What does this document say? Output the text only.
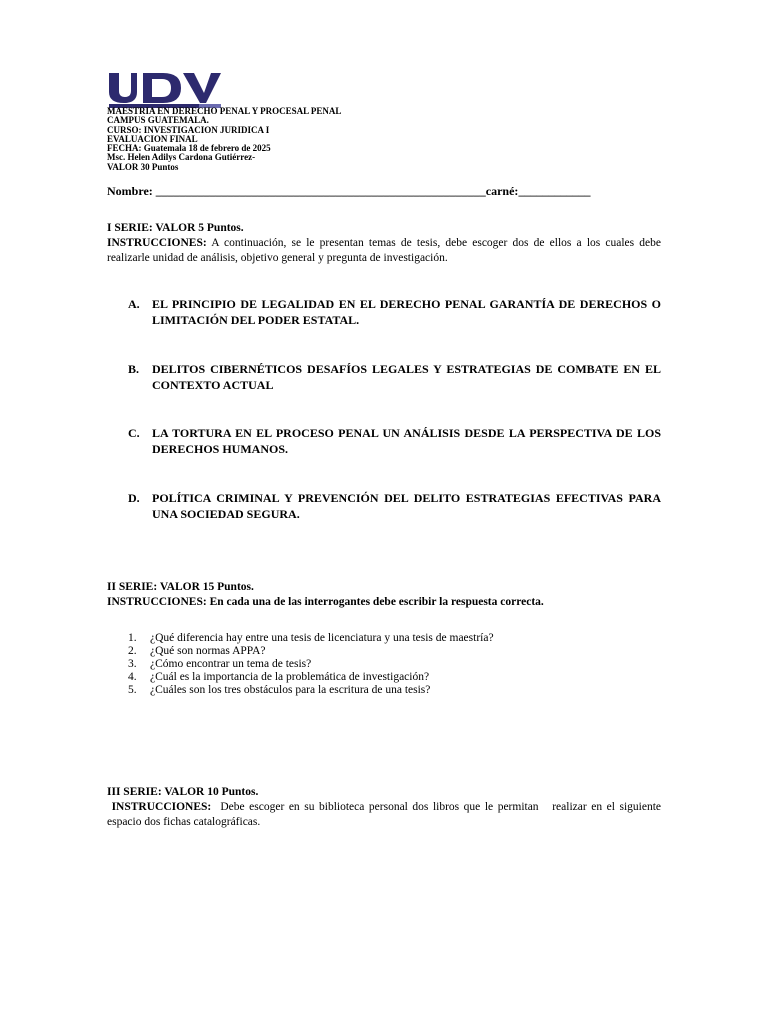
MAESTRIA EN DERECHO PENAL Y PROCESAL PENAL
CAMPUS GUATEMALA.
CURSO: INVESTIGACION JURIDICA I
EVALUACION FINAL
FECHA: Guatemala 18 de febrero de 2025
Msc. Helen Adilys Cardona Gutiérrez-
VALOR 30 Puntos
Nombre: _______________________________________________________carné:____________
I SERIE: VALOR 5 Puntos.
INSTRUCCIONES: A continuación, se le presentan temas de tesis, debe escoger dos de ellos a los cuales debe realizarle unidad de análisis, objetivo general y pregunta de investigación.
A. EL PRINCIPIO DE LEGALIDAD EN EL DERECHO PENAL GARANTÍA DE DERECHOS O LIMITACIÓN DEL PODER ESTATAL.
B. DELITOS CIBERNÉTICOS DESAFÍOS LEGALES Y ESTRATEGIAS DE COMBATE EN EL CONTEXTO ACTUAL
C. LA TORTURA EN EL PROCESO PENAL UN ANÁLISIS DESDE LA PERSPECTIVA DE LOS DERECHOS HUMANOS.
D. POLÍTICA CRIMINAL Y PREVENCIÓN DEL DELITO ESTRATEGIAS EFECTIVAS PARA UNA SOCIEDAD SEGURA.
II SERIE: VALOR 15 Puntos.
INSTRUCCIONES: En cada una de las interrogantes debe escribir la respuesta correcta.
1. ¿Qué diferencia hay entre una tesis de licenciatura y una tesis de maestría?
2. ¿Qué son normas APPA?
3. ¿Cómo encontrar un tema de tesis?
4. ¿Cuál es la importancia de la problemática de investigación?
5. ¿Cuáles son los tres obstáculos para la escritura de una tesis?
III SERIE: VALOR 10 Puntos.
INSTRUCCIONES:  Debe escoger en su biblioteca personal dos libros que le permitan   realizar en el siguiente espacio dos fichas catalográficas.
